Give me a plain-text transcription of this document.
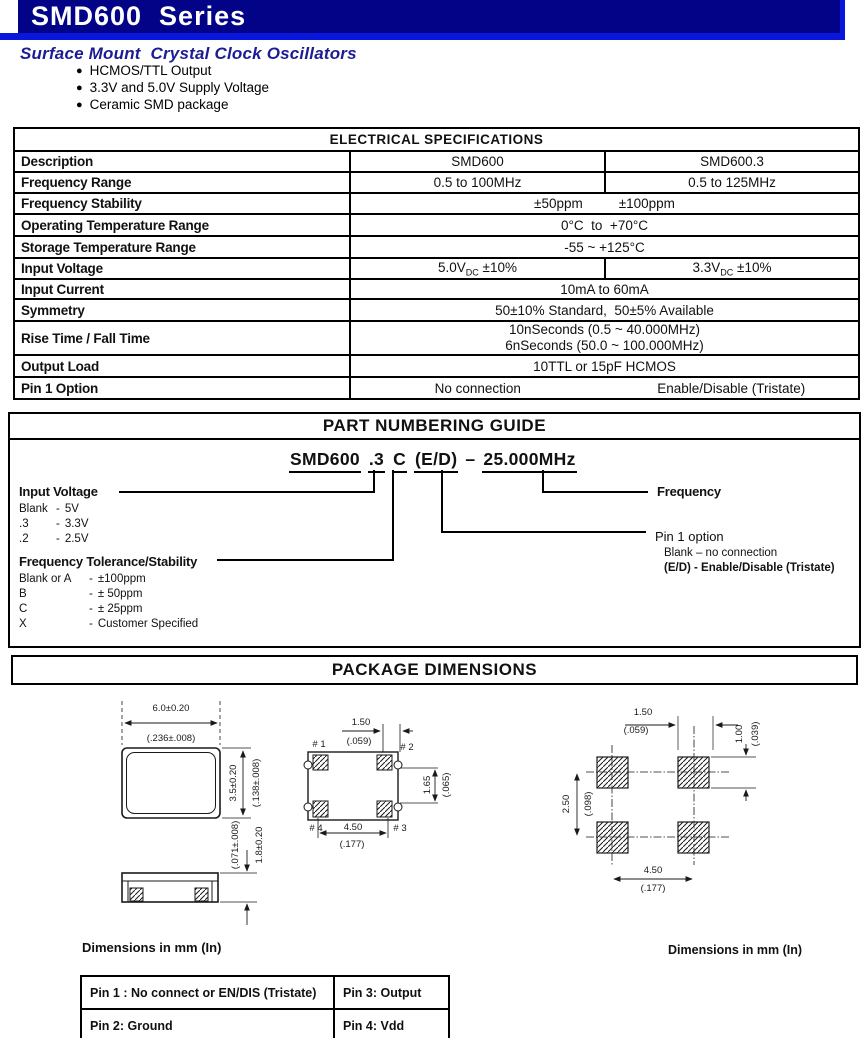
SMD600  Series
Surface Mount  Crystal Clock Oscillators
● HCMOS/TTL Output
● 3.3V and 5.0V Supply Voltage
● Ceramic SMD package
ELECTRICAL SPECIFICATIONS		
Description	SMD600	SMD600.3
Frequency Range	0.5 to 100MHz	0.5 to 125MHz
Frequency Stability	±50ppm ±100ppm	

Operating Temperature Range	0°C  to  +70°C	
Storage Temperature Range	-55 ~ +125°C	
Input Voltage	$5.0V_{DC} \pm 10\%$	$3.3V_{DC} \pm 10\%$
Input Current	10mA to 60mA	
Symmetry	50±10% Standard,  50±5% Available	
Rise Time / Fall Time	10nSeconds (0.5 ~ 40.000MHz)
6nSeconds (50.0 ~ 100.000MHz)	

Output Load	10TTL or 15pF HCMOS	
Pin 1 Option	No connection Enable/Disable (Tristate)	
PART NUMBERING GUIDE
SMD600 .3 C (E/D) – 25.000MHz
Input Voltage
Blank - 5V
.3 - 3.3V
.2 - 2.5V
Frequency Tolerance/Stability
Blank or A - ±100ppm
B	- ± 50ppm
C	- ± 25ppm
X	- Customer Specified
Frequency
Pin 1 option
Blank – no connection
(E/D) - Enable/Disable (Tristate)
PACKAGE DIMENSIONS
6.0±0.20
(.236±.008)
3.5±0.20 (.138±.008)
(.071±.008) 1.8±0.20
# 1	# 2
1.50
(.059)
1.65 (.065)
# 4	# 3
4.50
(.177)
1.50
(.059)	1.00 (.039)
2.50 (.098)
4.50
(.177)
Dimensions in mm (In)	Dimensions in mm (In)
Pin 1 : No connect or EN/DIS (Tristate)	Pin 3: Output
Pin 2: Ground	Pin 4: Vdd
